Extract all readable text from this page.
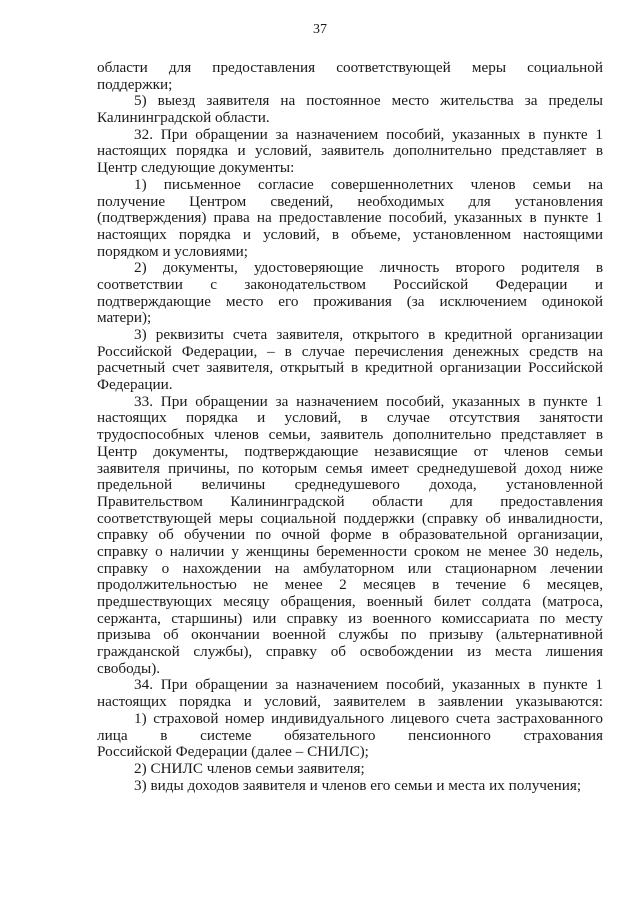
37
области для предоставления соответствующей меры социальной
поддержки;
5) выезд заявителя на постоянное место жительства за пределы
Калининградской области.
32. При обращении за назначением пособий, указанных в пункте 1
настоящих порядка и условий, заявитель дополнительно представляет в
Центр следующие документы:
1) письменное согласие совершеннолетних членов семьи на
получение Центром сведений, необходимых для установления
(подтверждения) права на предоставление пособий, указанных в пункте 1
настоящих порядка и условий, в объеме, установленном настоящими
порядком и условиями;
2) документы, удостоверяющие личность второго родителя в
соответствии с законодательством Российской Федерации и
подтверждающие место его проживания (за исключением одинокой
матери);
3) реквизиты счета заявителя, открытого в кредитной организации
Российской Федерации, – в случае перечисления денежных средств на
расчетный счет заявителя, открытый в кредитной организации Российской
Федерации.
33. При обращении за назначением пособий, указанных в пункте 1
настоящих порядка и условий, в случае отсутствия занятости
трудоспособных членов семьи, заявитель дополнительно представляет в
Центр документы, подтверждающие независящие от членов семьи
заявителя причины, по которым семья имеет среднедушевой доход ниже
предельной величины среднедушевого дохода, установленной
Правительством Калининградской области для предоставления
соответствующей меры социальной поддержки (справку об инвалидности,
справку об обучении по очной форме в образовательной организации,
справку о наличии у женщины беременности сроком не менее 30 недель,
справку о нахождении на амбулаторном или стационарном лечении
продолжительностью не менее 2 месяцев в течение 6 месяцев,
предшествующих месяцу обращения, военный билет солдата (матроса,
сержанта, старшины) или справку из военного комиссариата по месту
призыва об окончании военной службы по призыву (альтернативной
гражданской службы), справку об освобождении из места лишения
свободы).
34. При обращении за назначением пособий, указанных в пункте 1
настоящих порядка и условий, заявителем в заявлении указываются:
1) страховой номер индивидуального лицевого счета застрахованного
лица в системе обязательного пенсионного страхования
Российской Федерации (далее – СНИЛС);
2) СНИЛС членов семьи заявителя;
3) виды доходов заявителя и членов его семьи и места их получения;
